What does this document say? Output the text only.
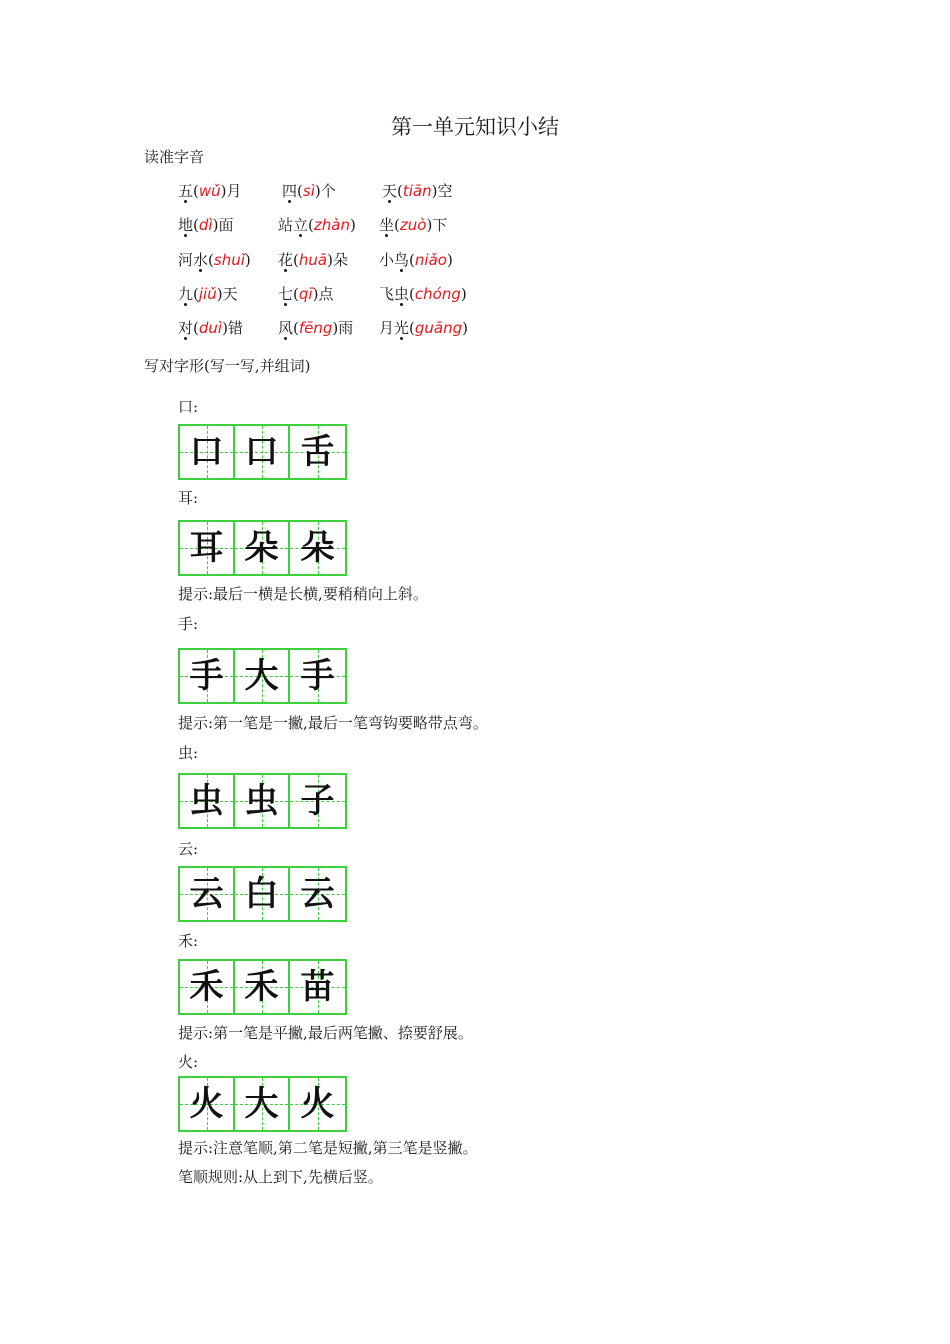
第一单元知识小结
读准字音
五(wǔ)月	四(sì)个	天(tiān)空
地(dì)面	站立(zhàn) 坐(zuò)下
河水(shuǐ) 花(huā)朵 小鸟(niǎo)
九(jiǔ)天	七(qī)点	飞虫(chóng)
对(duì)错 风(fēng)雨 月光(guāng)
写对字形(写一写,并组词)
口:
口 口 舌
耳:
耳 朵 朵
提示:最后一横是长横,要稍稍向上斜。
手:
手 大 手
提示:第一笔是一撇,最后一笔弯钩要略带点弯。
虫:
虫 虫 子
云:
云 白 云
禾:
禾 禾 苗
提示:第一笔是平撇,最后两笔撇、捺要舒展。
火:
火 大 火
提示:注意笔顺,第二笔是短撇,第三笔是竖撇。
笔顺规则:从上到下,先横后竖。
